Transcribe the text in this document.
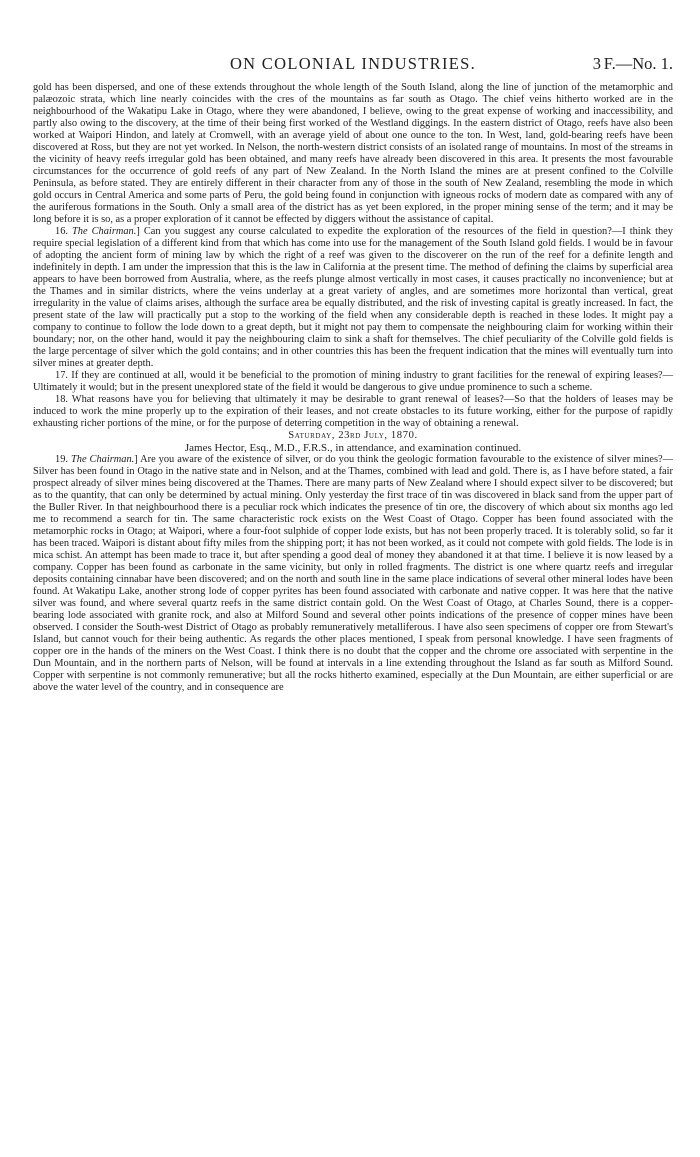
ON COLONIAL INDUSTRIES.	3 F.—No. 1.

gold has been dispersed, and one of these extends throughout the whole length of the South Island, along the line of junction of the metamorphic and palæozoic strata, which line nearly coincides with the cres of the mountains as far south as Otago. The chief veins hitherto worked are in the neighbourhood of the Wakatipu Lake in Otago, where they were abandoned, I believe, owing to the great expense of working and inaccessibility, and partly also owing to the discovery, at the time of their being first worked of the Westland diggings. In the eastern district of Otago, reefs have also been worked at Waipori Hindon, and lately at Cromwell, with an average yield of about one ounce to the ton. In West, land, gold-bearing reefs have been discovered at Ross, but they are not yet worked. In Nelson, the north-western district consists of an isolated range of mountains. In most of the streams in the vicinity of heavy reefs irregular gold has been obtained, and many reefs have already been discovered in this area. It presents the most favourable circumstances for the occurrence of gold reefs of any part of New Zealand. In the North Island the mines are at present confined to the Colville Peninsula, as before stated. They are entirely different in their character from any of those in the south of New Zealand, resembling the mode in which gold occurs in Central America and some parts of Peru, the gold being found in conjunction with igneous rocks of modern date as compared with any of the auriferous formations in the South. Only a small area of the district has as yet been explored, in the proper mining sense of the term; and it may be long before it is so, as a proper exploration of it cannot be effected by diggers without the assistance of capital.

16. The Chairman.] Can you suggest any course calculated to expedite the exploration of the resources of the field in question?—I think they require special legislation of a different kind from that which has come into use for the management of the South Island gold fields. I would be in favour of adopting the ancient form of mining law by which the right of a reef was given to the discoverer on the run of the reef for a definite length and indefinitely in depth. I am under the impression that this is the law in California at the present time. The method of defining the claims by superficial area appears to have been borrowed from Australia, where, as the reefs plunge almost vertically in most cases, it causes practically no inconvenience; but at the Thames and in similar districts, where the veins underlay at a great variety of angles, and are sometimes more horizontal than vertical, great irregularity in the value of claims arises, although the surface area be equally distributed, and the risk of investing capital is greatly increased. In fact, the present state of the law will practically put a stop to the working of the field when any considerable depth is reached in these lodes. It might pay a company to continue to follow the lode down to a great depth, but it might not pay them to compensate the neighbouring claim for working within their boundary; nor, on the other hand, would it pay the neighbouring claim to sink a shaft for themselves. The chief peculiarity of the Colville gold fields is the large percentage of silver which the gold contains; and in other countries this has been the frequent indication that the mines will eventually turn into silver mines at greater depth.

17. If they are continued at all, would it be beneficial to the promotion of mining industry to grant facilities for the renewal of expiring leases?—Ultimately it would; but in the present unexplored state of the field it would be dangerous to give undue prominence to such a scheme.

18. What reasons have you for believing that ultimately it may be desirable to grant renewal of leases?—So that the holders of leases may be induced to work the mine properly up to the expiration of their leases, and not create obstacles to its future working, either for the purpose of rapidly exhausting richer portions of the mine, or for the purpose of deterring competition in the way of obtaining a renewal.

Saturday, 23rd July, 1870.

James Hector, Esq., M.D., F.R.S., in attendance, and examination continued.

19. The Chairman.] Are you aware of the existence of silver, or do you think the geologic formation favourable to the existence of silver mines?—Silver has been found in Otago in the native state and in Nelson, and at the Thames, combined with lead and gold. There is, as I have before stated, a fair prospect already of silver mines being discovered at the Thames. There are many parts of New Zealand where I should expect silver to be discovered; but as to the quantity, that can only be determined by actual mining. Only yesterday the first trace of tin was discovered in black sand from the upper part of the Buller River. In that neighbourhood there is a peculiar rock which indicates the presence of tin ore, the discovery of which about six months ago led me to recommend a search for tin. The same characteristic rock exists on the West Coast of Otago. Copper has been found associated with the metamorphic rocks in Otago; at Waipori, where a four-foot sulphide of copper lode exists, but has not been properly traced. It is tolerably solid, so far it has been traced. Waipori is distant about fifty miles from the shipping port; it has not been worked, as it could not compete with gold fields. The lode is in mica schist. An attempt has been made to trace it, but after spending a good deal of money they abandoned it at that time. I believe it is now leased by a company. Copper has been found as carbonate in the same vicinity, but only in rolled fragments. The district is one where quartz reefs and irregular deposits containing cinnabar have been discovered; and on the north and south line in the same place indications of several other mineral lodes have been found. At Wakatipu Lake, another strong lode of copper pyrites has been found associated with carbonate and native copper. It was here that the native silver was found, and where several quartz reefs in the same district contain gold. On the West Coast of Otago, at Charles Sound, there is a copper-bearing lode associated with granite rock, and also at Milford Sound and several other points indications of the presence of copper mines have been observed. I consider the South-west District of Otago as probably remuneratively metalliferous. I have also seen specimens of copper ore from Stewart's Island, but cannot vouch for their being authentic. As regards the other places mentioned, I speak from personal knowledge. I have seen fragments of copper ore in the hands of the miners on the West Coast. I think there is no doubt that the copper and the chrome ore associated with serpentine in the Dun Mountain, and in the northern parts of Nelson, will be found at intervals in a line extending throughout the Island as far south as Milford Sound. Copper with serpentine is not commonly remunerative; but all the rocks hitherto examined, especially at the Dun Mountain, are either superficial or are above the water level of the country, and in consequence are
